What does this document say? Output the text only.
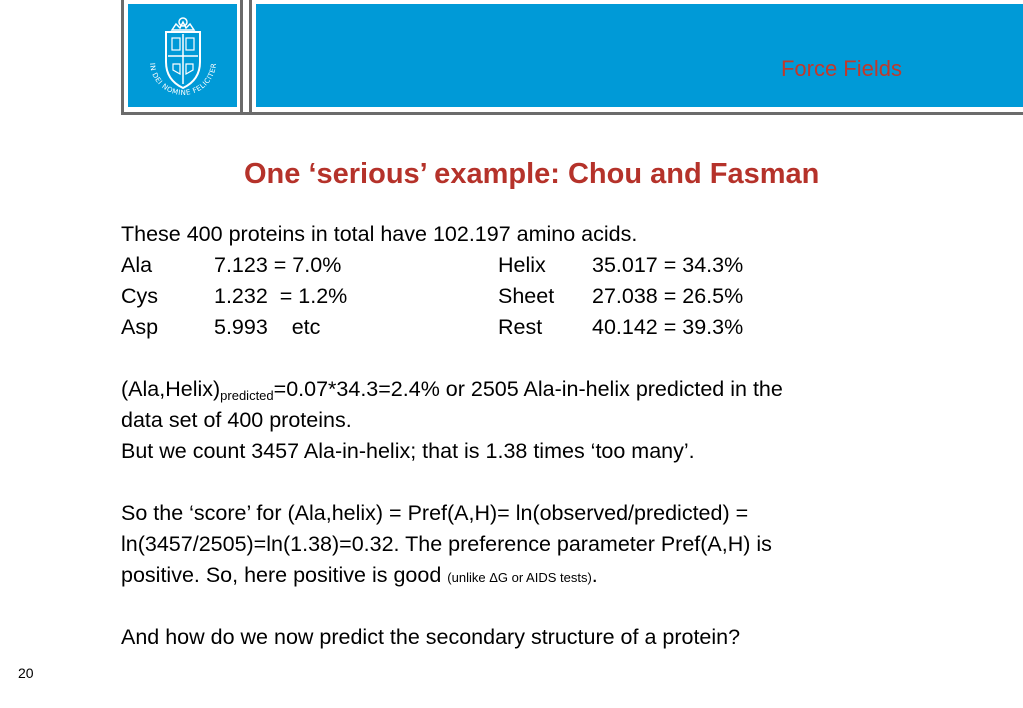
IN DEI NOMINE FELICITER	Force Fields
One ‘serious’ example: Chou and Fasman
These 400 proteins in total have 102.197 amino acids.
Ala	7.123 = 7.0%	Helix 35.017 = 34.3%
Cys	1.232  = 1.2%	Sheet 27.038 = 26.5%
Asp	5.993    etc	Rest 40.142 = 39.3%
$(Ala,Helix)_{predicted}=0.07*34.3=2.4\%$ or 2505 Ala-in-helix predicted in the
data set of 400 proteins.
But we count 3457 Ala-in-helix; that is 1.38 times ‘too many’.
So the ‘score’ for (Ala,helix) = Pref(A,H)= ln(observed/predicted) =
ln(3457/2505)=ln(1.38)=0.32. The preference parameter Pref(A,H) is
positive. So, here positive is good (unlike ΔG or AIDS tests).
And how do we now predict the secondary structure of a protein?
20
